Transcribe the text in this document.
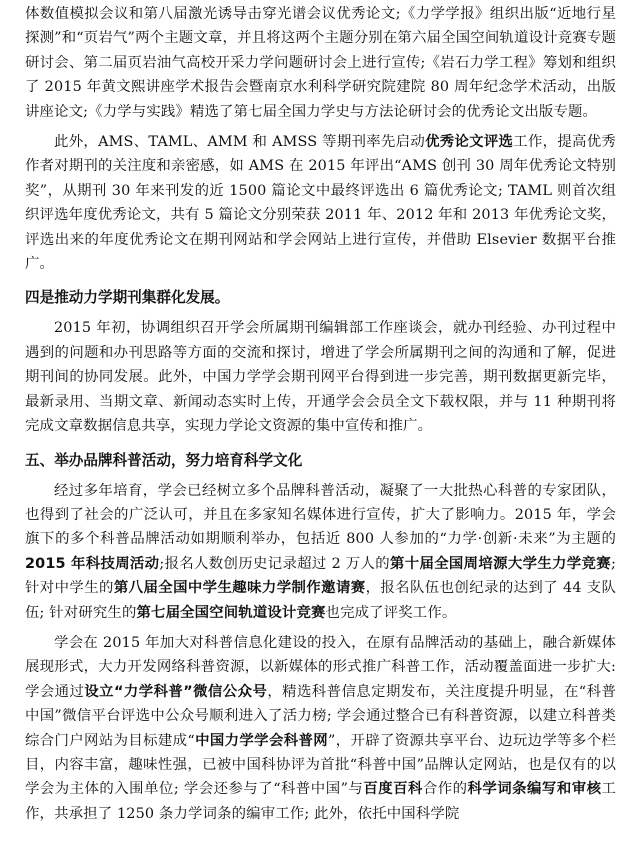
体数值模拟会议和第八届激光诱导击穿光谱会议优秀论文;《力学学报》组织出版“近地行星探测”和“页岩气”两个主题文章，并且将这两个主题分别在第六届全国空间轨道设计竞赛专题研讨会、第二届页岩油气高校开采力学问题研讨会上进行宣传;《岩石力学工程》筹划和组织了 2015 年黄文熙讲座学术报告会暨南京水利科学研究院建院 80 周年纪念学术活动，出版讲座论文;《力学与实践》精选了第七届全国力学史与方法论研讨会的优秀论文出版专题。

此外，AMS、TAML、AMM 和 AMSS 等期刊率先启动优秀论文评选工作，提高优秀作者对期刊的关注度和亲密感，如 AMS 在 2015 年评出“AMS 创刊 30 周年优秀论文特别奖”，从期刊 30 年来刊发的近 1500 篇论文中最终评选出 6 篇优秀论文; TAML 则首次组织评选年度优秀论文，共有 5 篇论文分别荣获 2011 年、2012 年和 2013 年优秀论文奖，评选出来的年度优秀论文在期刊网站和学会网站上进行宣传，并借助 Elsevier 数据平台推广。

四是推动力学期刊集群化发展。

2015 年初，协调组织召开学会所属期刊编辑部工作座谈会，就办刊经验、办刊过程中遇到的问题和办刊思路等方面的交流和探讨，增进了学会所属期刊之间的沟通和了解，促进期刊间的协同发展。此外，中国力学学会期刊网平台得到进一步完善，期刊数据更新完毕，最新录用、当期文章、新闻动态实时上传，开通学会会员全文下载权限，并与 11 种期刊将完成文章数据信息共享，实现力学论文资源的集中宣传和推广。

五、举办品牌科普活动，努力培育科学文化

经过多年培育，学会已经树立多个品牌科普活动，凝聚了一大批热心科普的专家团队，也得到了社会的广泛认可，并且在多家知名媒体进行宣传，扩大了影响力。2015 年，学会旗下的多个科普品牌活动如期顺利举办，包括近 800 人参加的“力学·创新·未来”为主题的2015 年科技周活动;报名人数创历史记录超过 2 万人的第十届全国周培源大学生力学竞赛; 针对中学生的第八届全国中学生趣味力学制作邀请赛，报名队伍也创纪录的达到了 44 支队伍; 针对研究生的第七届全国空间轨道设计竞赛也完成了评奖工作。

学会在 2015 年加大对科普信息化建设的投入，在原有品牌活动的基础上，融合新媒体展现形式，大力开发网络科普资源，以新媒体的形式推广科普工作，活动覆盖面进一步扩大: 学会通过设立“力学科普”微信公众号，精选科普信息定期发布，关注度提升明显，在“科普中国”微信平台评选中公众号顺利进入了活力榜; 学会通过整合已有科普资源，以建立科普类综合门户网站为目标建成“中国力学学会科普网”，开辟了资源共享平台、边玩边学等多个栏目，内容丰富，趣味性强，已被中国科协评为首批“科普中国”品牌认定网站，也是仅有的以学会为主体的入围单位; 学会还参与了“科普中国”与百度百科合作的科学词条编写和审核工作，共承担了 1250 条力学词条的编审工作; 此外，依托中国科学院
